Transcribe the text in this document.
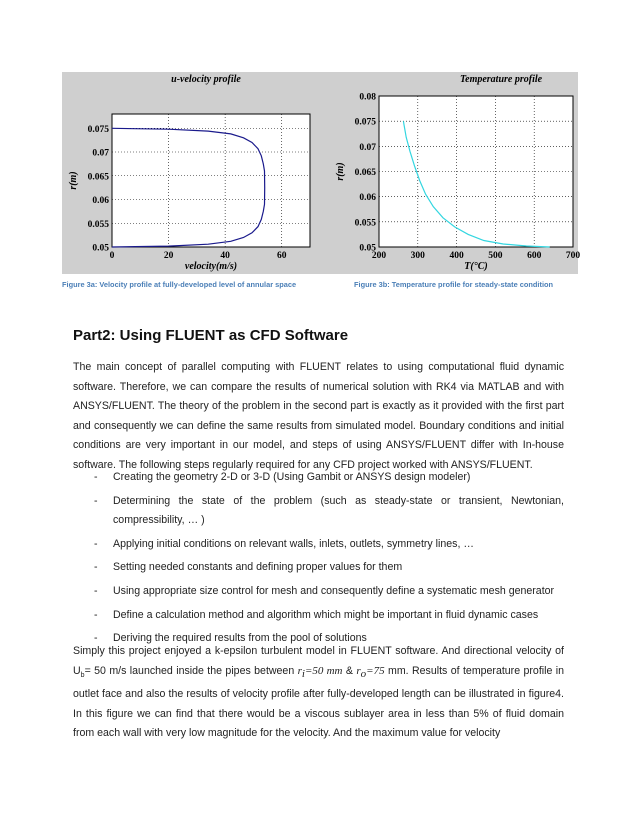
0	20	40	60
0.05
0.055
0.06
0.065
0.07
0.075
u-velocity profile
velocity(m/s)
r(m)
Figure 3a: Velocity profile at fully-developed level of annular space
200	300	400	500	600	700
0.05
0.055
0.06
0.065
0.07
0.075
0.08
Temperature profile
T(°C)
r(m)
Figure 3b: Temperature profile for steady-state condition
Part2: Using FLUENT as CFD Software
The main concept of parallel computing with FLUENT relates to using computational fluid dynamic software. Therefore, we can compare the results of numerical solution with RK4 via MATLAB and with ANSYS/FLUENT. The theory of the problem in the second part is exactly as it provided with the first part and consequently we can define the same results from simulated model. Boundary conditions and initial conditions are very important in our model, and steps of using ANSYS/FLUENT differ with In-house software. The following steps regularly required for any CFD project worked with ANSYS/FLUENT.
- Creating the geometry 2-D or 3-D (Using Gambit or ANSYS design modeler)
- Determining the state of the problem (such as steady-state or transient, Newtonian, compressibility, … )
- Applying initial conditions on relevant walls, inlets, outlets, symmetry lines, …
- Setting needed constants and defining proper values for them
- Using appropriate size control for mesh and consequently define a systematic mesh generator
- Define a calculation method and algorithm which might be important in fluid dynamic cases
- Deriving the required results from the pool of solutions
Simply this project enjoyed a k-epsilon turbulent model in FLUENT software. And directional velocity of $U_b= 50$ m/s launched inside the pipes between $r_i=50$ mm & $r_o=75$ mm. Results of temperature profile in outlet face and also the results of velocity profile after fully-developed length can be illustrated in figure4. In this figure we can find that there would be a viscous sublayer area in less than 5% of fluid domain from each wall with very low magnitude for the velocity. And the maximum value for velocity
